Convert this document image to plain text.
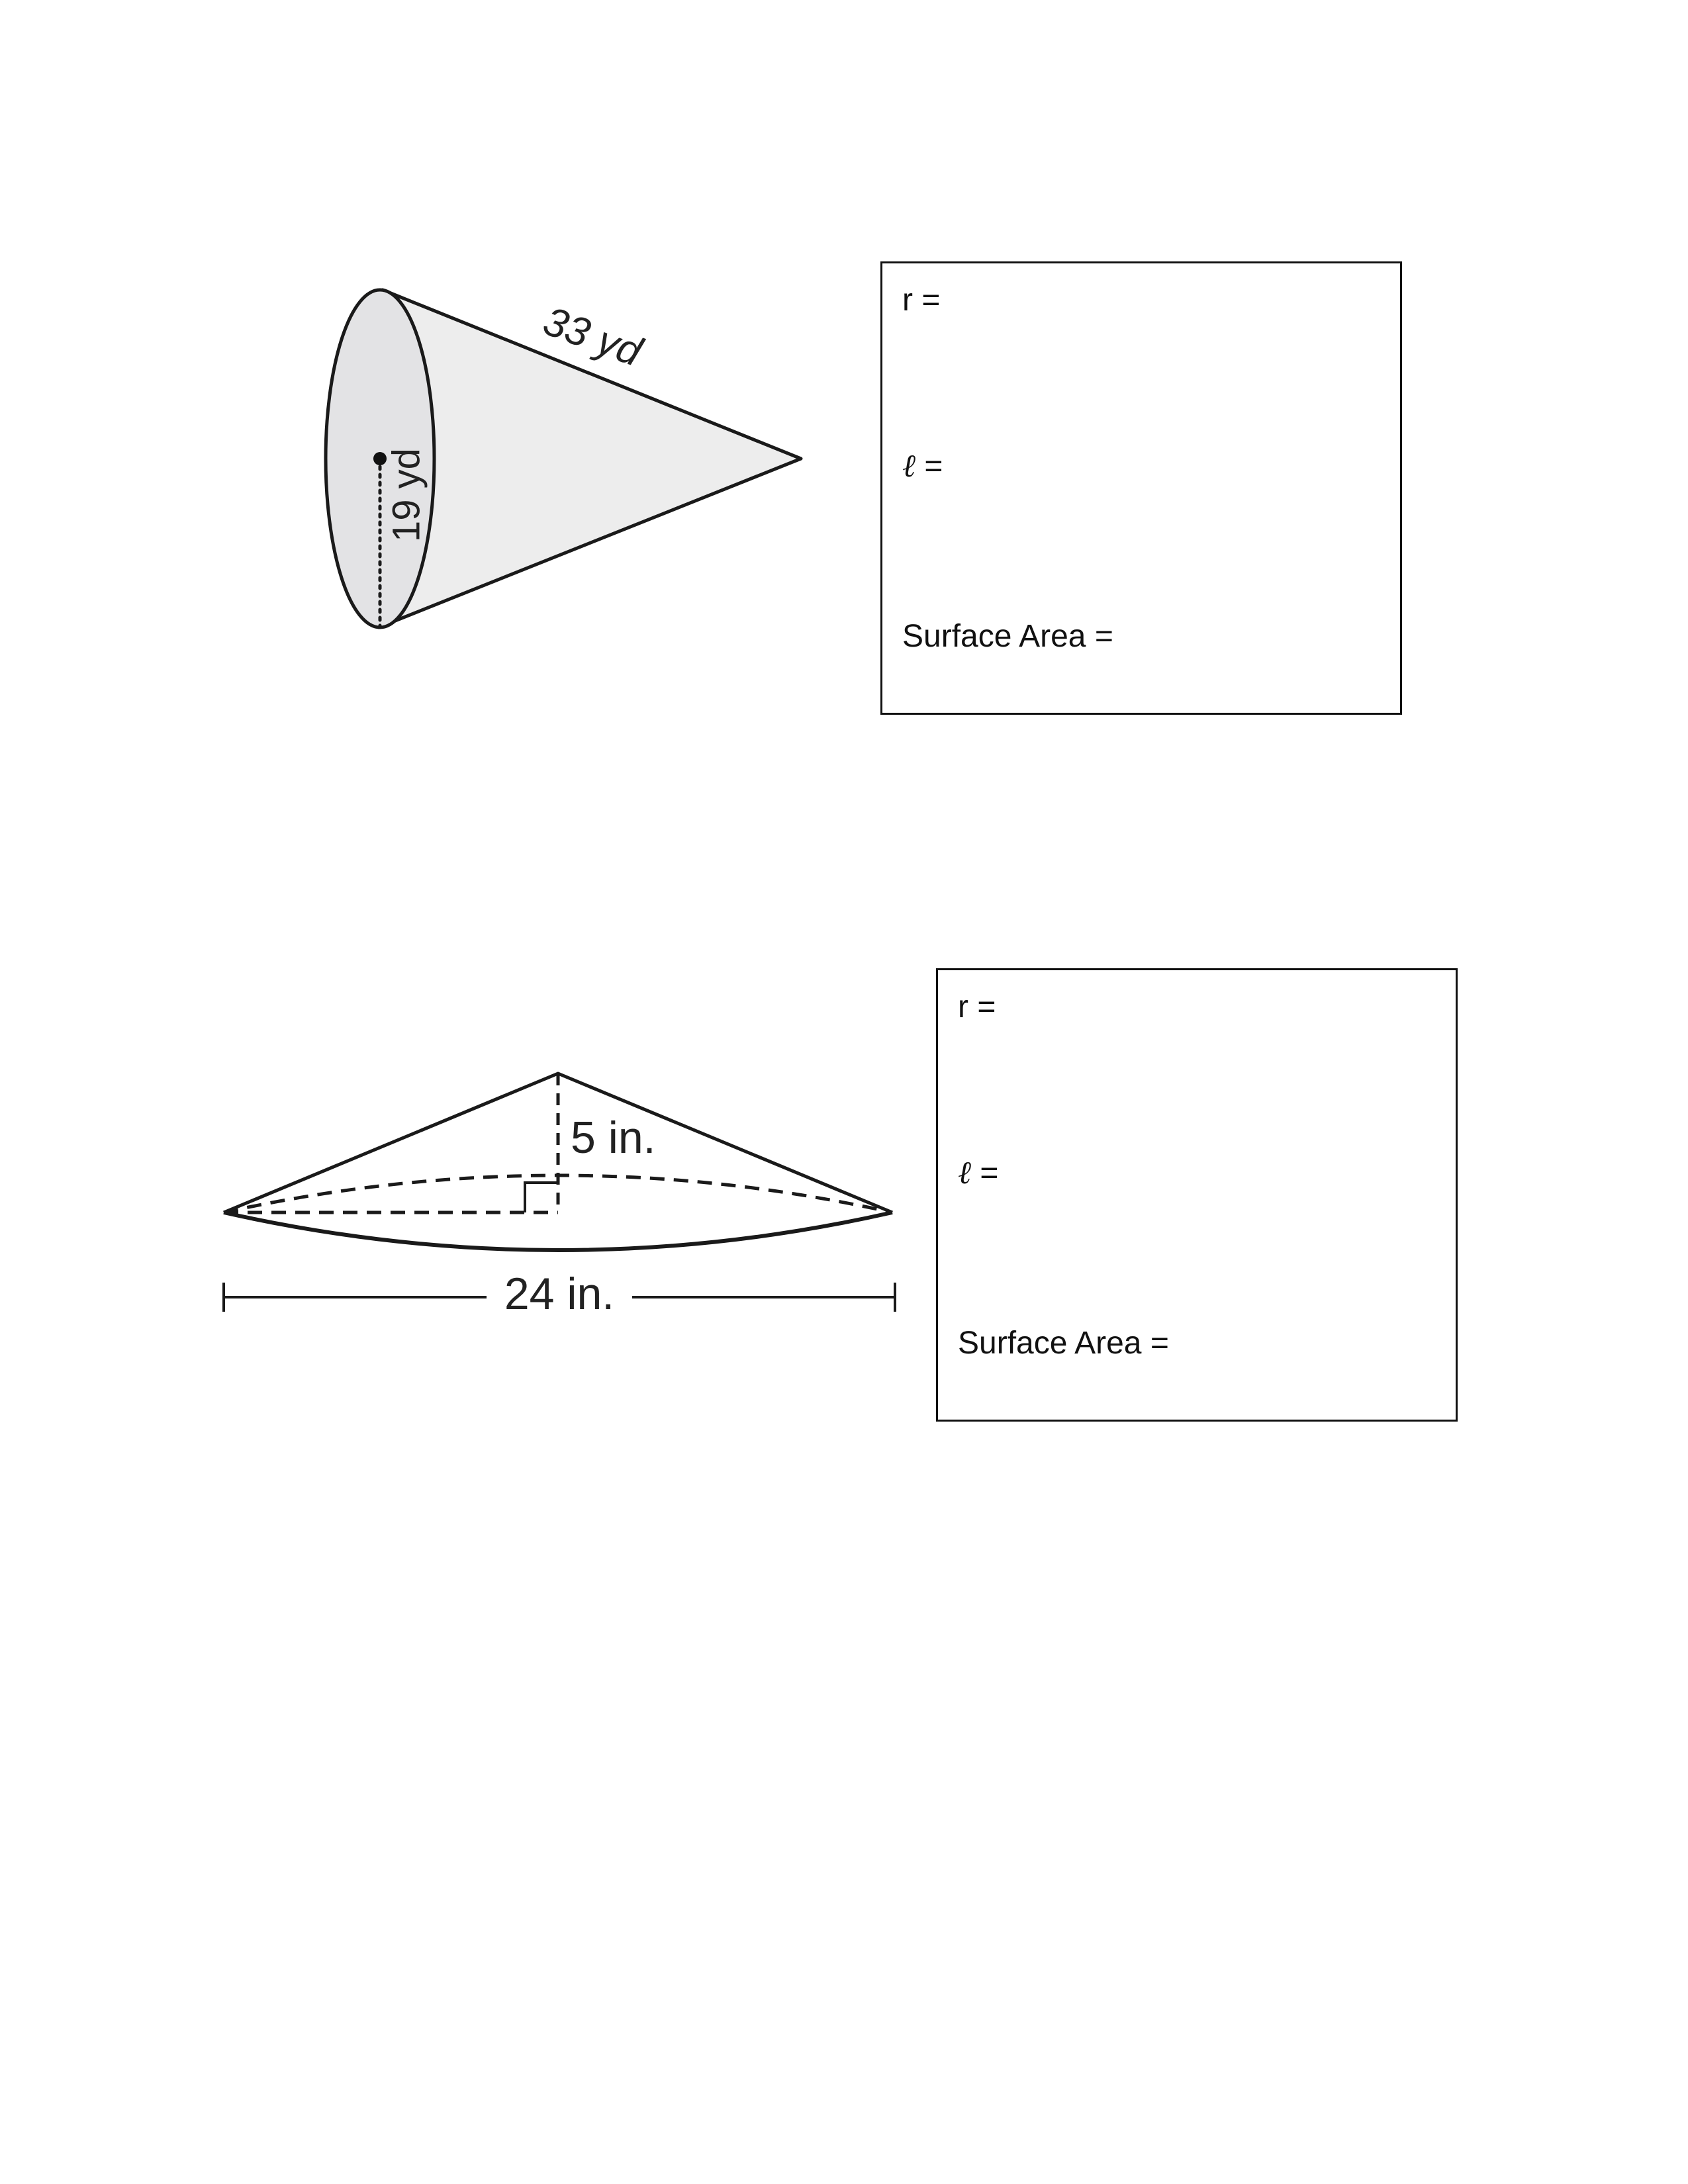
33 yd
19 yd
r =
ℓ =
Surface Area =
5 in.
24 in.
r =
ℓ =
Surface Area =
